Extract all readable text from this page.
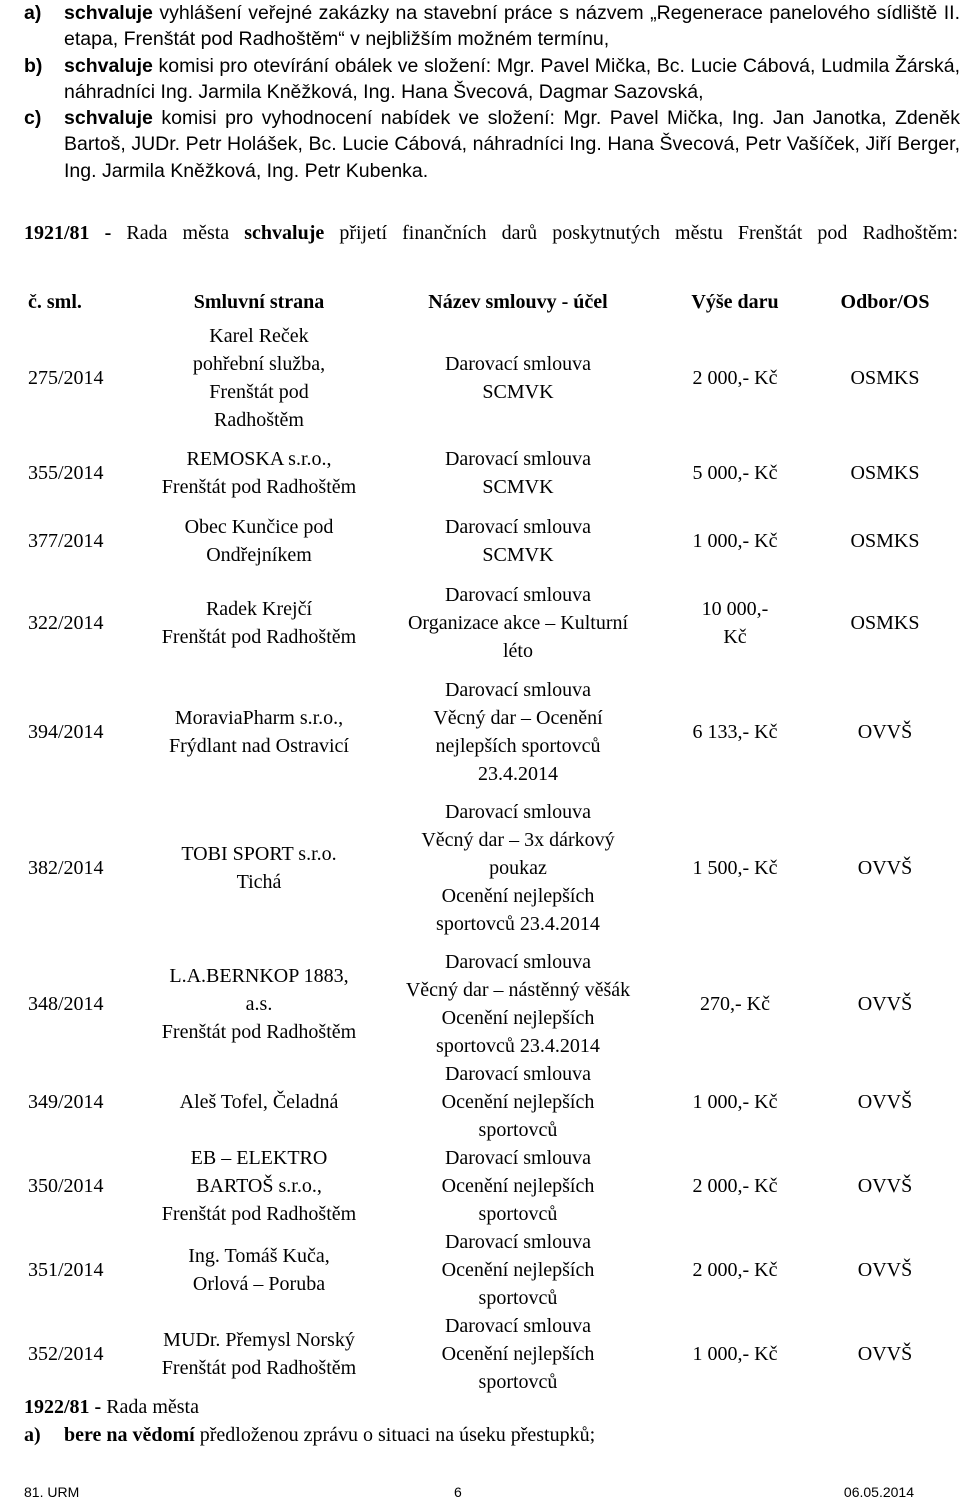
a)	schvaluje vyhlášení veřejné zakázky na stavební práce s názvem „Regenerace panelového sídliště II. etapa, Frenštát pod Radhoštěm“ v nejbližším možném termínu,
b)	schvaluje komisi pro otevírání obálek ve složení: Mgr. Pavel Mička, Bc. Lucie Cábová, Ludmila Žárská, náhradníci Ing. Jarmila Kněžková, Ing. Hana Švecová, Dagmar Sazovská,
c)	schvaluje komisi pro vyhodnocení nabídek ve složení: Mgr. Pavel Mička, Ing. Jan Janotka, Zdeněk Bartoš, JUDr. Petr Holášek, Bc. Lucie Cábová, náhradníci Ing. Hana Švecová, Petr Vašíček, Jiří Berger, Ing. Jarmila Kněžková, Ing. Petr Kubenka.
1921/81 - Rada města schvaluje přijetí finančních darů poskytnutých městu Frenštát pod Radhoštěm:
č. sml.	Smluvní strana	Název smlouvy - účel	Výše daru	Odbor/OS
275/2014	Karel Reček
pohřební služba,
Frenštát pod
Radhoštěm	Darovací smlouva
SCMVK	2 000,- Kč	OSMKS

355/2014	REMOSKA s.r.o.,
Frenštát pod Radhoštěm	Darovací smlouva
SCMVK	5 000,- Kč	OSMKS

377/2014	Obec Kunčice pod
Ondřejníkem	Darovací smlouva
SCMVK	1 000,- Kč	OSMKS

322/2014	Radek Krejčí
Frenštát pod Radhoštěm	Darovací smlouva
Organizace akce – Kulturní
léto	10 000,-
Kč	OSMKS

394/2014	MoraviaPharm s.r.o.,
Frýdlant nad Ostravicí	Darovací smlouva
Věcný dar – Ocenění
nejlepších sportovců
23.4.2014	6 133,- Kč	OVVŠ

382/2014	TOBI SPORT s.r.o.
Tichá	Darovací smlouva
Věcný dar – 3x dárkový
poukaz
Ocenění nejlepších
sportovců 23.4.2014	1 500,- Kč	OVVŠ

348/2014	L.A.BERNKOP 1883,
a.s.
Frenštát pod Radhoštěm	Darovací smlouva
Věcný dar – nástěnný věšák
Ocenění nejlepších
sportovců 23.4.2014	270,- Kč	OVVŠ
349/2014	Aleš Tofel, Čeladná	Darovací smlouva
Ocenění nejlepších
sportovců	1 000,- Kč	OVVŠ
350/2014	EB – ELEKTRO
BARTOŠ s.r.o.,
Frenštát pod Radhoštěm	Darovací smlouva
Ocenění nejlepších
sportovců	2 000,- Kč	OVVŠ
351/2014	Ing. Tomáš Kuča,
Orlová – Poruba	Darovací smlouva
Ocenění nejlepších
sportovců	2 000,- Kč	OVVŠ
352/2014	MUDr. Přemysl Norský
Frenštát pod Radhoštěm	Darovací smlouva
Ocenění nejlepších
sportovců	1 000,- Kč	OVVŠ
1922/81 - Rada města
a) bere na vědomí předloženou zprávu o situaci na úseku přestupků;
81. URM	6	06.05.2014
